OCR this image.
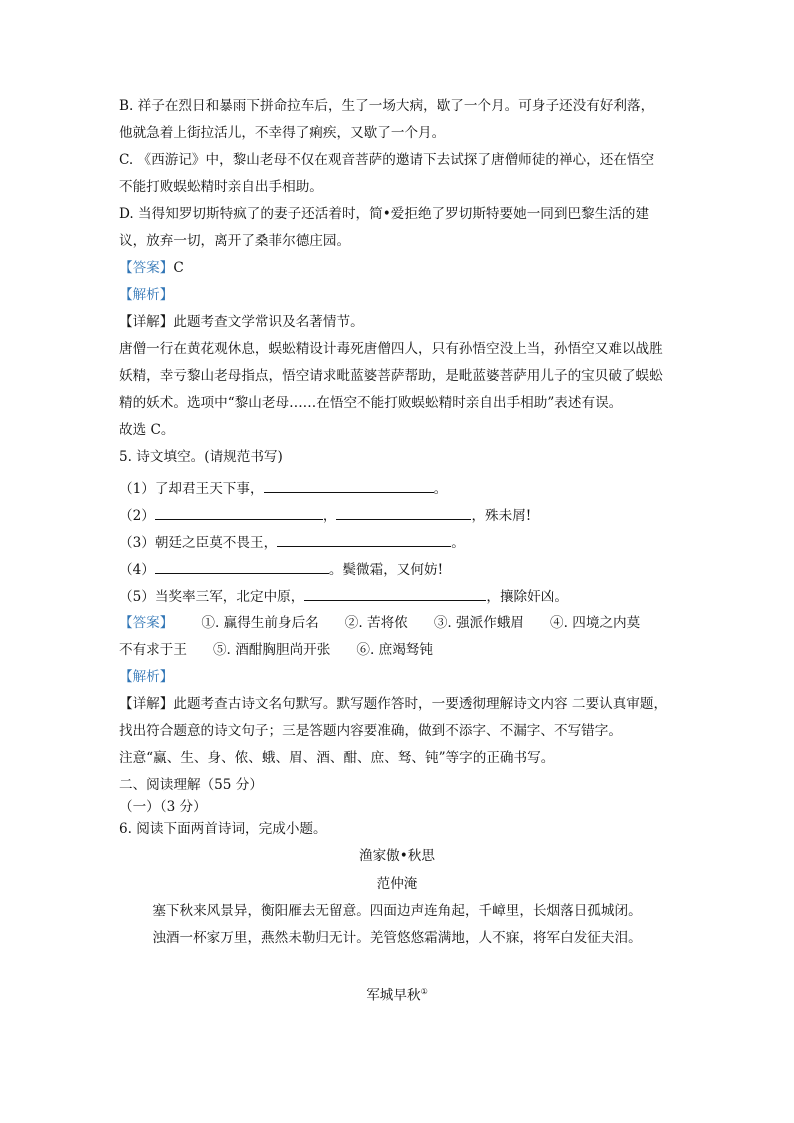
B. 祥子在烈日和暴雨下拼命拉车后，生了一场大病，歇了一个月。可身子还没有好利落，
他就急着上街拉活儿，不幸得了痢疾，又歇了一个月。
C. 《西游记》中，黎山老母不仅在观音菩萨的邀请下去试探了唐僧师徒的禅心，还在悟空
不能打败蜈蚣精时亲自出手相助。
D. 当得知罗切斯特疯了的妻子还活着时，简•爱拒绝了罗切斯特要她一同到巴黎生活的建
议，放弃一切，离开了桑菲尔德庄园。
【答案】C
【解析】
【详解】此题考查文学常识及名著情节。
唐僧一行在黄花观休息，蜈蚣精设计毒死唐僧四人，只有孙悟空没上当，孙悟空又难以战胜
妖精，幸亏黎山老母指点，悟空请求毗蓝婆菩萨帮助，是毗蓝婆菩萨用儿子的宝贝破了蜈蚣
精的妖术。选项中“黎山老母……在悟空不能打败蜈蚣精时亲自出手相助”表述有误。
故选 C。
5. 诗文填空。(请规范书写)
（1）了却君王天下事，	。
（2）	，	，殊未屑!
（3）朝廷之臣莫不畏王，	。
（4）	。鬓微霜，又何妨!
（5）当奖率三军，北定中原，	，攘除奸凶。
【答案】 ①. 赢得生前身后名 ②. 苦将侬 ③. 强派作蛾眉 ④. 四境之内莫
不有求于王 ⑤. 酒酣胸胆尚开张 ⑥. 庶竭驽钝
【解析】
【详解】此题考查古诗文名句默写。默写题作答时，一要透彻理解诗文内容 二要认真审题，
找出符合题意的诗文句子；三是答题内容要准确，做到不添字、不漏字、不写错字。
注意“赢、生、身、侬、蛾、眉、酒、酣、庶、驽、钝”等字的正确书写。
二、阅读理解（55 分）
（一）（3 分）
6. 阅读下面两首诗词，完成小题。
渔家傲•秋思
范仲淹
塞下秋来风景异，衡阳雁去无留意。四面边声连角起，千嶂里，长烟落日孤城闭。
浊酒一杯家万里，燕然未勒归无计。羌管悠悠霜满地，人不寐，将军白发征夫泪。
军城早秋①
